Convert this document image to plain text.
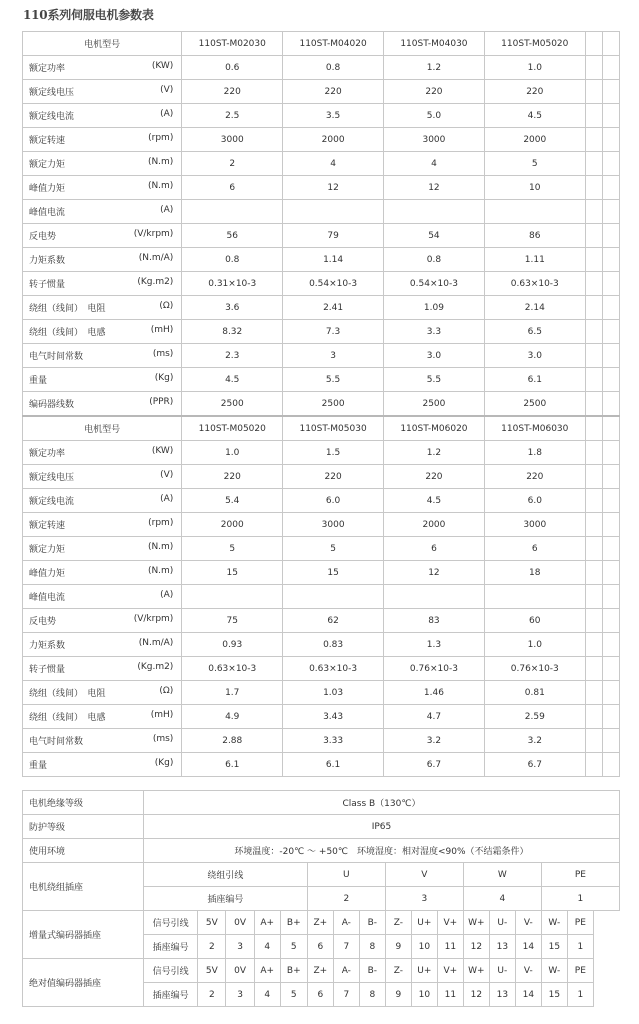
110系列伺服电机参数表
电机型号	110ST-M02030	110ST-M04020	110ST-M04030	110ST-M05020		

额定功率 (KW)	0.6	0.8	1.2	1.0		

额定线电压 (V)	220	220	220	220		

额定线电流 (A)	2.5	3.5	5.0	4.5		

额定转速 (rpm)	3000	2000	3000	2000		

额定力矩 (N.m)	2	4	4	5		

峰值力矩 (N.m)	6	12	12	10		

峰值电流 (A)						

反电势 (V/krpm)	56	79	54	86		

力矩系数 (N.m/A)	0.8	1.14	0.8	1.11		

转子惯量 (Kg.m2)	0.31×10-3	0.54×10-3	0.54×10-3	0.63×10-3		

绕组（线间）　电阻 (Ω)	3.6	2.41	1.09	2.14		

绕组（线间）　电感 (mH)	8.32	7.3	3.3	6.5		

电气时间常数 (ms)	2.3	3	3.0	3.0		

重量 (Kg)	4.5	5.5	5.5	6.1		

编码器线数 (PPR)	2500	2500	2500	2500		
电机型号	110ST-M05020	110ST-M05030	110ST-M06020	110ST-M06030		

额定功率 (KW)	1.0	1.5	1.2	1.8		

额定线电压 (V)	220	220	220	220		

额定线电流 (A)	5.4	6.0	4.5	6.0		

额定转速 (rpm)	2000	3000	2000	3000		

额定力矩 (N.m)	5	5	6	6		

峰值力矩 (N.m)	15	15	12	18		

峰值电流 (A)						

反电势 (V/krpm)	75	62	83	60		

力矩系数 (N.m/A)	0.93	0.83	1.3	1.0		

转子惯量 (Kg.m2)	0.63×10-3	0.63×10-3	0.76×10-3	0.76×10-3		

绕组（线间）　电阻 (Ω)	1.7	1.03	1.46	0.81		

绕组（线间）　电感 (mH)	4.9	3.43	4.7	2.59		

电气时间常数 (ms)	2.88	3.33	3.2	3.2		

重量 (Kg)	6.1	6.1	6.7	6.7		
电机绝缘等级	Class B（130℃）															
防护等级	IP65															
使用环境	环境温度：-20℃ ～ +50℃　环境湿度：相对湿度<90%（不结霜条件）															
电机绕组插座	绕组引线					U			V			W			PE	
	插座编号					2			3			4			1	
增量式编码器插座	信号引线	5V	0V	A+	B+	Z+	A-	B-	Z-	U+	V+	W+	U-	V-	W-	PE
	插座编号	2	3	4	5	6	7	8	9	10	11	12	13	14	15	1
绝对值编码器插座	信号引线	5V	0V	A+	B+	Z+	A-	B-	Z-	U+	V+	W+	U-	V-	W-	PE
	插座编号	2	3	4	5	6	7	8	9	10	11	12	13	14	15	1
